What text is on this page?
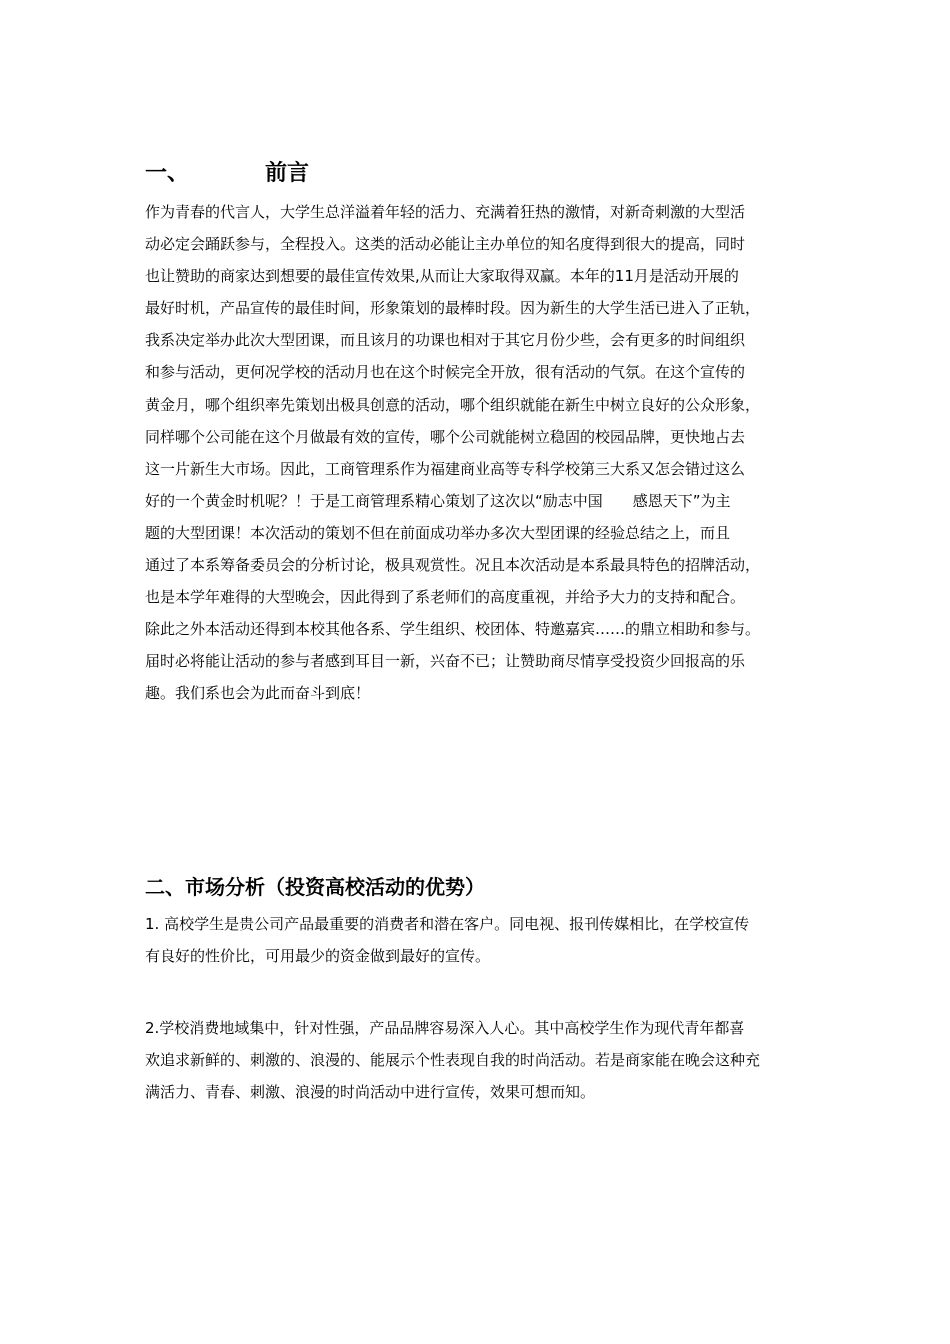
一、	前言
作为青春的代言人，大学生总洋溢着年轻的活力、充满着狂热的激情，对新奇刺激的大型活
动必定会踊跃参与，全程投入。这类的活动必能让主办单位的知名度得到很大的提高，同时
也让赞助的商家达到想要的最佳宣传效果,从而让大家取得双赢。本年的11月是活动开展的
最好时机，产品宣传的最佳时间，形象策划的最棒时段。因为新生的大学生活已进入了正轨，
我系决定举办此次大型团课，而且该月的功课也相对于其它月份少些，会有更多的时间组织
和参与活动，更何况学校的活动月也在这个时候完全开放，很有活动的气氛。在这个宣传的
黄金月，哪个组织率先策划出极具创意的活动，哪个组织就能在新生中树立良好的公众形象，
同样哪个公司能在这个月做最有效的宣传，哪个公司就能树立稳固的校园品牌，更快地占去
这一片新生大市场。因此，工商管理系作为福建商业高等专科学校第三大系又怎会错过这么
好的一个黄金时机呢？！于是工商管理系精心策划了这次以“励志中国　　感恩天下”为主
题的大型团课！本次活动的策划不但在前面成功举办多次大型团课的经验总结之上，而且
通过了本系筹备委员会的分析讨论，极具观赏性。况且本次活动是本系最具特色的招牌活动，
也是本学年难得的大型晚会，因此得到了系老师们的高度重视，并给予大力的支持和配合。
除此之外本活动还得到本校其他各系、学生组织、校团体、特邀嘉宾……的鼎立相助和参与。
届时必将能让活动的参与者感到耳目一新，兴奋不已；让赞助商尽情享受投资少回报高的乐
趣。我们系也会为此而奋斗到底！
二、市场分析（投资高校活动的优势）
1. 高校学生是贵公司产品最重要的消费者和潜在客户。同电视、报刊传媒相比，在学校宣传
有良好的性价比，可用最少的资金做到最好的宣传。
2.学校消费地域集中，针对性强，产品品牌容易深入人心。其中高校学生作为现代青年都喜
欢追求新鲜的、刺激的、浪漫的、能展示个性表现自我的时尚活动。若是商家能在晚会这种充
满活力、青春、刺激、浪漫的时尚活动中进行宣传，效果可想而知。
